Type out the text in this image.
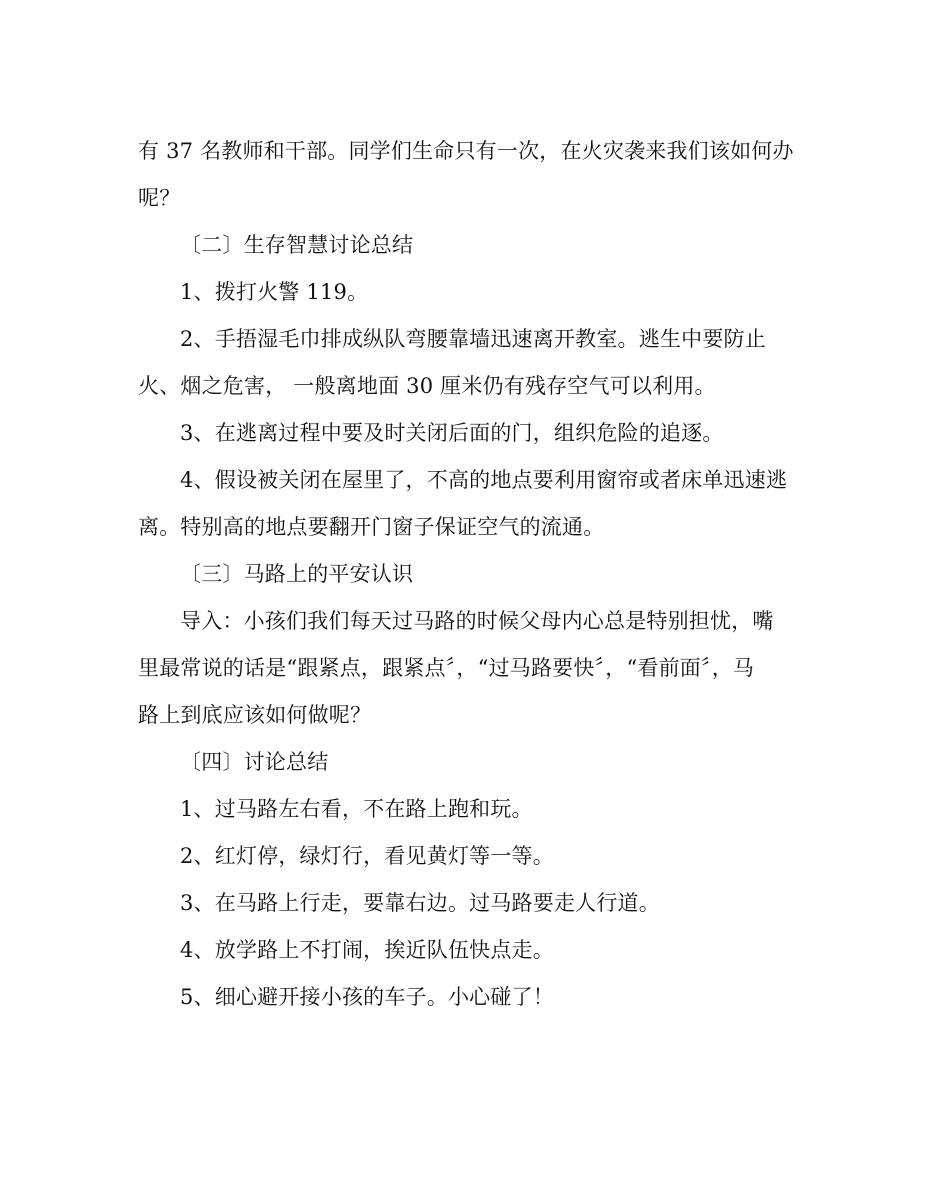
有 37 名教师和干部。同学们生命只有一次，在火灾袭来我们该如何办

呢？

〔二〕生存智慧讨论总结

1、拨打火警 119。

2、手捂湿毛巾排成纵队弯腰靠墙迅速离开教室。逃生中要防止

火、烟之危害， 一般离地面 30 厘米仍有残存空气可以利用。

3、在逃离过程中要及时关闭后面的门，组织危险的追逐。

4、假设被关闭在屋里了，不高的地点要利用窗帘或者床单迅速逃

离。特别高的地点要翻开门窗子保证空气的流通。

〔三〕马路上的平安认识

导入：小孩们我们每天过马路的时候父母内心总是特别担忧，嘴

里最常说的话是“跟紧点，跟紧点〞，“过马路要快〞，“看前面〞，马

路上到底应该如何做呢？

〔四〕讨论总结

1、过马路左右看，不在路上跑和玩。

2、红灯停，绿灯行，看见黄灯等一等。

3、在马路上行走，要靠右边。过马路要走人行道。

4、放学路上不打闹，挨近队伍快点走。

5、细心避开接小孩的车子。小心碰了！
